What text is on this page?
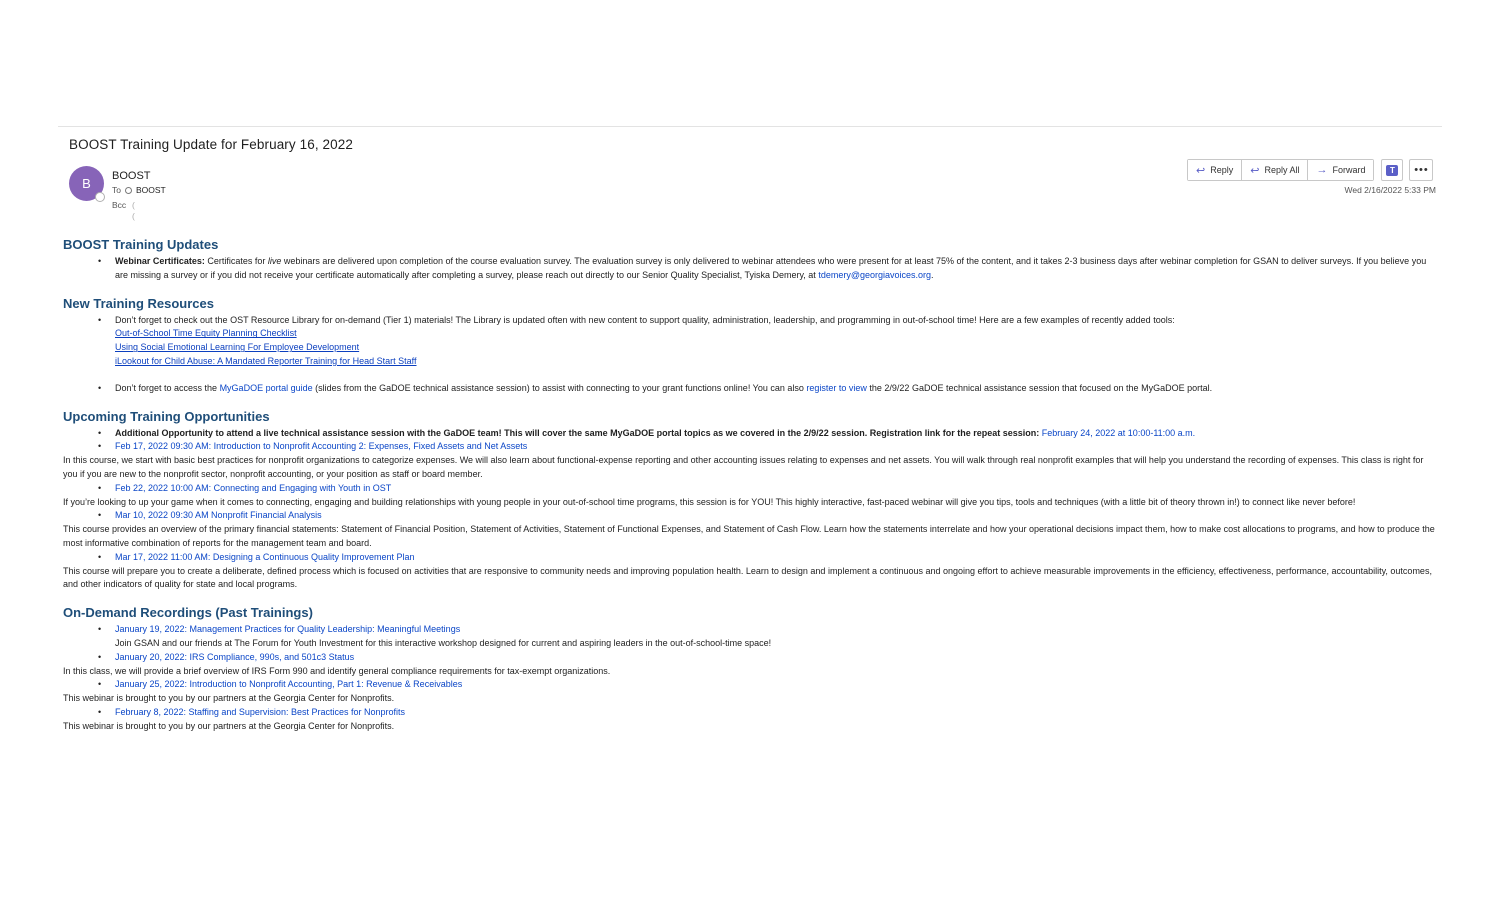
BOOST Training Update for February 16, 2022
B BOOST
To BOOST
Bcc (
(
↩ Reply ↩ Reply All → Forward	T	•••
Wed 2/16/2022 5:33 PM
BOOST Training Updates
• Webinar Certificates: Certificates for live webinars are delivered upon completion of the course evaluation survey. The evaluation survey is only delivered to webinar attendees who were present for at least 75% of the content, and it takes 2-3 business days after webinar completion for GSAN to deliver surveys. If you believe you are missing a survey or if you did not receive your certificate automatically after completing a survey, please reach out directly to our Senior Quality Specialist, Tyiska Demery, at tdemery@georgiavoices.org.
New Training Resources
• Don’t forget to check out the OST Resource Library for on-demand (Tier 1) materials! The Library is updated often with new content to support quality, administration, leadership, and programming in out-of-school time! Here are a few examples of recently added tools:
Out-of-School Time Equity Planning Checklist
Using Social Emotional Learning For Employee Development
iLookout for Child Abuse: A Mandated Reporter Training for Head Start Staff
• Don’t forget to access the MyGaDOE portal guide (slides from the GaDOE technical assistance session) to assist with connecting to your grant functions online! You can also register to view the 2/9/22 GaDOE technical assistance session that focused on the MyGaDOE portal.
Upcoming Training Opportunities
• Additional Opportunity to attend a live technical assistance session with the GaDOE team! This will cover the same MyGaDOE portal topics as we covered in the 2/9/22 session. Registration link for the repeat session: February 24, 2022 at 10:00-11:00 a.m.
• Feb 17, 2022 09:30 AM: Introduction to Nonprofit Accounting 2: Expenses, Fixed Assets and Net Assets
In this course, we start with basic best practices for nonprofit organizations to categorize expenses. We will also learn about functional-expense reporting and other accounting issues relating to expenses and net assets. You will walk through real nonprofit examples that will help you understand the recording of expenses. This class is right for you if you are new to the nonprofit sector, nonprofit accounting, or your position as staff or board member.
• Feb 22, 2022 10:00 AM: Connecting and Engaging with Youth in OST
If you’re looking to up your game when it comes to connecting, engaging and building relationships with young people in your out-of-school time programs, this session is for YOU! This highly interactive, fast-paced webinar will give you tips, tools and techniques (with a little bit of theory thrown in!) to connect like never before!
• Mar 10, 2022 09:30 AM Nonprofit Financial Analysis
This course provides an overview of the primary financial statements: Statement of Financial Position, Statement of Activities, Statement of Functional Expenses, and Statement of Cash Flow. Learn how the statements interrelate and how your operational decisions impact them, how to make cost allocations to programs, and how to produce the most informative combination of reports for the management team and board.
• Mar 17, 2022 11:00 AM: Designing a Continuous Quality Improvement Plan
This course will prepare you to create a deliberate, defined process which is focused on activities that are responsive to community needs and improving population health. Learn to design and implement a continuous and ongoing effort to achieve measurable improvements in the efficiency, effectiveness, performance, accountability, outcomes, and other indicators of quality for state and local programs.
On-Demand Recordings (Past Trainings)
• January 19, 2022: Management Practices for Quality Leadership: Meaningful Meetings
Join GSAN and our friends at The Forum for Youth Investment for this interactive workshop designed for current and aspiring leaders in the out-of-school-time space!
• January 20, 2022: IRS Compliance, 990s, and 501c3 Status
In this class, we will provide a brief overview of IRS Form 990 and identify general compliance requirements for tax-exempt organizations.
• January 25, 2022: Introduction to Nonprofit Accounting, Part 1: Revenue & Receivables
This webinar is brought to you by our partners at the Georgia Center for Nonprofits.
• February 8, 2022: Staffing and Supervision: Best Practices for Nonprofits
This webinar is brought to you by our partners at the Georgia Center for Nonprofits.
